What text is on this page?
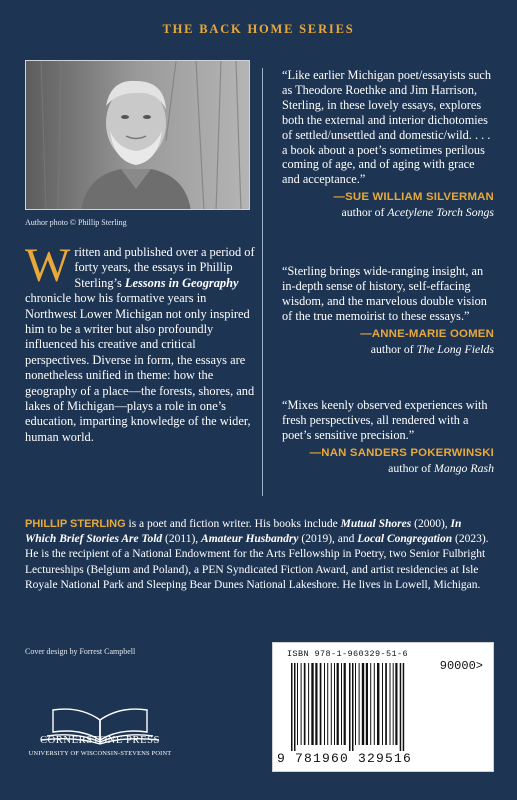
THE BACK HOME SERIES
Author photo © Phillip Sterling
Written and published over a period of forty years, the essays in Phillip Sterling’s Lessons in Geography chronicle how his formative years in Northwest Lower Michigan not only inspired him to be a writer but also profoundly influenced his creative and critical perspectives. Diverse in form, the essays are nonetheless unified in theme: how the geography of a place—the forests, shores, and lakes of Michigan—plays a role in one’s education, imparting knowledge of the wider, human world.
“Like earlier Michigan poet/essayists such as Theodore Roethke and Jim Harrison, Sterling, in these lovely essays, explores both the external and interior dichotomies of settled/unsettled and domestic/wild. . . . a book about a poet’s sometimes perilous coming of age, and of aging with grace and acceptance.”
—SUE WILLIAM SILVERMAN
author of Acetylene Torch Songs
“Sterling brings wide-ranging insight, an in-depth sense of history, self-effacing wisdom, and the marvelous double vision of the true memoirist to these essays.”
—ANNE-MARIE OOMEN
author of The Long Fields
“Mixes keenly observed experiences with fresh perspectives, all rendered with a poet’s sensitive precision.”
—NAN SANDERS POKERWINSKI
author of Mango Rash
PHILLIP STERLING is a poet and fiction writer. His books include Mutual Shores (2000), In Which Brief Stories Are Told (2011), Amateur Husbandry (2019), and Local Congregation (2023). He is the recipient of a National Endowment for the Arts Fellowship in Poetry, two Senior Fulbright Lectureships (Belgium and Poland), a PEN Syndicated Fiction Award, and artist residencies at Isle Royale National Park and Sleeping Bear Dunes National Lakeshore. He lives in Lowell, Michigan.
Cover design by Forrest Campbell
CORNERSTONE PRESS
UNIVERSITY OF WISCONSIN-STEVENS POINT
ISBN 978-1-960329-51-6
90000>
9 781960 329516
